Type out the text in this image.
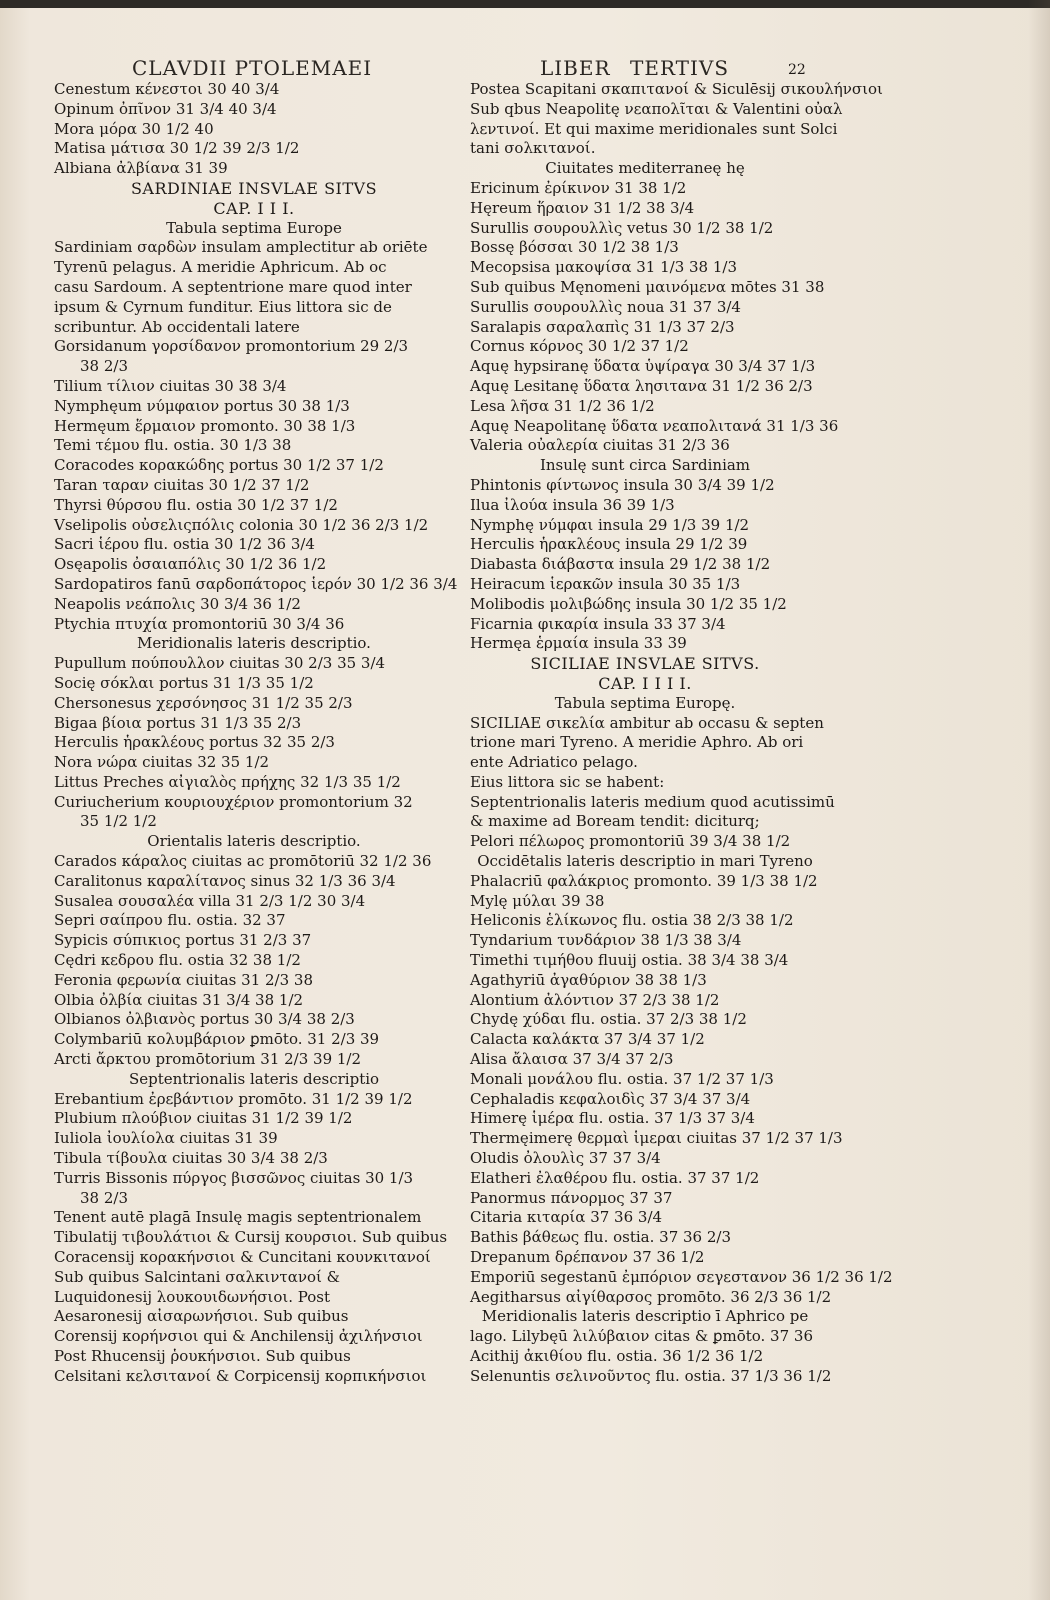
CLAVDII PTOLEMAEI	LIBER TERTIVS	22
Cenestum κένεστοι 30 40 3/4
Opinum ὀπῖνον 31 3/4 40 3/4
Mora μόρα 30 1/2 40
Matisa μάτισα 30 1/2 39 2/3 1/2
Albiana ἀλβίανα 31 39
SARDINIAE INSVLAE SITVS
CAP. I I I.
Tabula septima Europe
Sardiniam σαρδὼν insulam amplectitur ab oriēte
Tyrenū pelagus. A meridie Aphricum. Ab oc
casu Sardoum. A septentrione mare quod inter
ipsum & Cyrnum funditur. Eius littora sic de
scribuntur. Ab occidentali latere
Gorsidanum γορσίδανον promontorium 29 2/3
38 2/3
Tilium τίλιον ciuitas 30 38 3/4
Nymphęum νύμφαιον portus 30 38 1/3
Hermęum ἕρμαιον promonto. 30 38 1/3
Temi τέμου flu. ostia. 30 1/3 38
Coracodes κορακώδης portus 30 1/2 37 1/2
Taran ταραν ciuitas 30 1/2 37 1/2
Thyrsi θύρσου flu. ostia 30 1/2 37 1/2
Vselipolis οὐσελιςπόλις colonia 30 1/2 36 2/3 1/2
Sacri ἱέρου flu. ostia 30 1/2 36 3/4
Osęapolis ὀσαιαπόλις 30 1/2 36 1/2
Sardopatiros fanū σαρδοπάτορος ἱερόν 30 1/2 36 3/4
Neapolis νεάπολις 30 3/4 36 1/2
Ptychia πτυχία promontoriū 30 3/4 36
Meridionalis lateris descriptio.
Pupullum πούπουλλον ciuitas 30 2/3 35 3/4
Socię σόκλαι portus 31 1/3 35 1/2
Chersonesus χερσόνησος 31 1/2 35 2/3
Bigaa βίοια portus 31 1/3 35 2/3
Herculis ἡρακλέους portus 32 35 2/3
Nora νώρα ciuitas 32 35 1/2
Littus Preches αἰγιαλὸς πρήχης 32 1/3 35 1/2
Curiucherium κουριουχέριον promontorium 32
35 1/2 1/2
Orientalis lateris descriptio.
Carados κάραλος ciuitas ac promōtoriū 32 1/2 36
Caralitonus καραλίτανος sinus 32 1/3 36 3/4
Susalea σουσαλέα villa 31 2/3 1/2 30 3/4
Sepri σαίπρου flu. ostia. 32 37
Sypicis σύπικιος portus 31 2/3 37
Cędri κεδρου flu. ostia 32 38 1/2
Feronia φερωνία ciuitas 31 2/3 38
Olbia ὀλβία ciuitas 31 3/4 38 1/2
Olbianos ὀλβιανὸς portus 30 3/4 38 2/3
Colymbariū κολυμβάριον ꝑmōto. 31 2/3 39
Arcti ἄρκτου promōtorium 31 2/3 39 1/2
Septentrionalis lateris descriptio
Erebantium ἐρεβάντιον promōto. 31 1/2 39 1/2
Plubium πλούβιον ciuitas 31 1/2 39 1/2
Iuliola ἰουλίολα ciuitas 31 39
Tibula τίβουλα ciuitas 30 3/4 38 2/3
Turris Bissonis πύργος βισσῶνος ciuitas 30 1/3
38 2/3
Tenent autē plagā Insulę magis septentrionalem
Tibulatij τιβουλάτιοι & Cursij κουρσιοι. Sub quibus
Coracensij κορακήνσιοι & Cuncitani κουνκιτανοί
Sub quibus Salcintani σαλκιντανοί &
Luquidonesij λουκουιδωνήσιοι. Post
Aesaronesij αἰσαρωνήσιοι. Sub quibus
Corensij κορήνσιοι qui & Anchilensij ἀχιλήνσιοι
Post Rhucensij ῥουκήνσιοι. Sub quibus
Celsitani κελσιτανοί & Corpicensij κορπικήνσιοι
Postea Scapitani σκαπιτανοί & Siculēsij σικουλήνσιοι
Sub qbus Neapolitę νεαπολῖται & Valentini οὐαλ
λεντινοί. Et qui maxime meridionales sunt Solci
tani σολκιτανοί.
Ciuitates mediterraneę hę
Ericinum ἐρίκινον 31 38 1/2
Hęreum ἥραιον 31 1/2 38 3/4
Surullis σουρουλλὶς vetus 30 1/2 38 1/2
Bossę βόσσαι 30 1/2 38 1/3
Mecopsisa μακοψίσα 31 1/3 38 1/3
Sub quibus Męnomeni μαινόμενα mōtes 31 38
Surullis σουρουλλὶς noua 31 37 3/4
Saralapis σαραλαπὶς 31 1/3 37 2/3
Cornus κόρνος 30 1/2 37 1/2
Aquę hypsiranę ὕδατα ὑψίραγα 30 3/4 37 1/3
Aquę Lesitanę ὕδατα λησιτανα 31 1/2 36 2/3
Lesa λῆσα 31 1/2 36 1/2
Aquę Neapolitanę ὕδατα νεαπολιτανά 31 1/3 36
Valeria οὐαλερία ciuitas 31 2/3 36
Insulę sunt circa Sardiniam
Phintonis φίντωνος insula 30 3/4 39 1/2
Ilua ἰλούα insula 36 39 1/3
Nymphę νύμφαι insula 29 1/3 39 1/2
Herculis ἡρακλέους insula 29 1/2 39
Diabasta διάβαστα insula 29 1/2 38 1/2
Heiracum ἱερακῶν insula 30 35 1/3
Molibodis μολιβώδης insula 30 1/2 35 1/2
Ficarnia φικαρία insula 33 37 3/4
Hermęa ἑρμαία insula 33 39
SICILIAE INSVLAE SITVS.
CAP. I I I I.
Tabula septima Europę.
SICILIAE σικελία ambitur ab occasu & septen
trione mari Tyreno. A meridie Aphro. Ab ori
ente Adriatico pelago.
Eius littora sic se habent:
Septentrionalis lateris medium quod acutissimū
& maxime ad Boream tendit: diciturq;
Pelori πέλωρος promontoriū 39 3/4 38 1/2
Occidētalis lateris descriptio in mari Tyreno
Phalacriū φαλάκριος promonto. 39 1/3 38 1/2
Mylę μύλαι 39 38
Heliconis ἑλίκωνος flu. ostia 38 2/3 38 1/2
Tyndarium τυνδάριον 38 1/3 38 3/4
Timethi τιμήθου fluuij ostia. 38 3/4 38 3/4
Agathyriū ἀγαθύριον 38 38 1/3
Alontium ἀλόντιον 37 2/3 38 1/2
Chydę χύδαι flu. ostia. 37 2/3 38 1/2
Calacta καλάκτα 37 3/4 37 1/2
Alisa ἄλαισα 37 3/4 37 2/3
Monali μονάλου flu. ostia. 37 1/2 37 1/3
Cephaladis κεφαλοιδὶς 37 3/4 37 3/4
Himerę ἱμέρα flu. ostia. 37 1/3 37 3/4
Thermęimerę θερμαὶ ἱμεραι ciuitas 37 1/2 37 1/3
Oludis ὀλουλὶς 37 37 3/4
Elatheri ἐλαθέρου flu. ostia. 37 37 1/2
Panormus πάνορμος 37 37
Citaria κιταρία 37 36 3/4
Bathis βάθεως flu. ostia. 37 36 2/3
Drepanum δρέπανον 37 36 1/2
Emporiū segestanū ἐμπόριον σεγεστανον 36 1/2 36 1/2
Aegitharsus αἰγίθαρσος promōto. 36 2/3 36 1/2
Meridionalis lateris descriptio ī Aphrico pe
lago. Lilybęū λιλύβαιον citas & ꝑmōto. 37 36
Acithij ἀκιθίου flu. ostia. 36 1/2 36 1/2
Selenuntis σελινοῦντος flu. ostia. 37 1/3 36 1/2
